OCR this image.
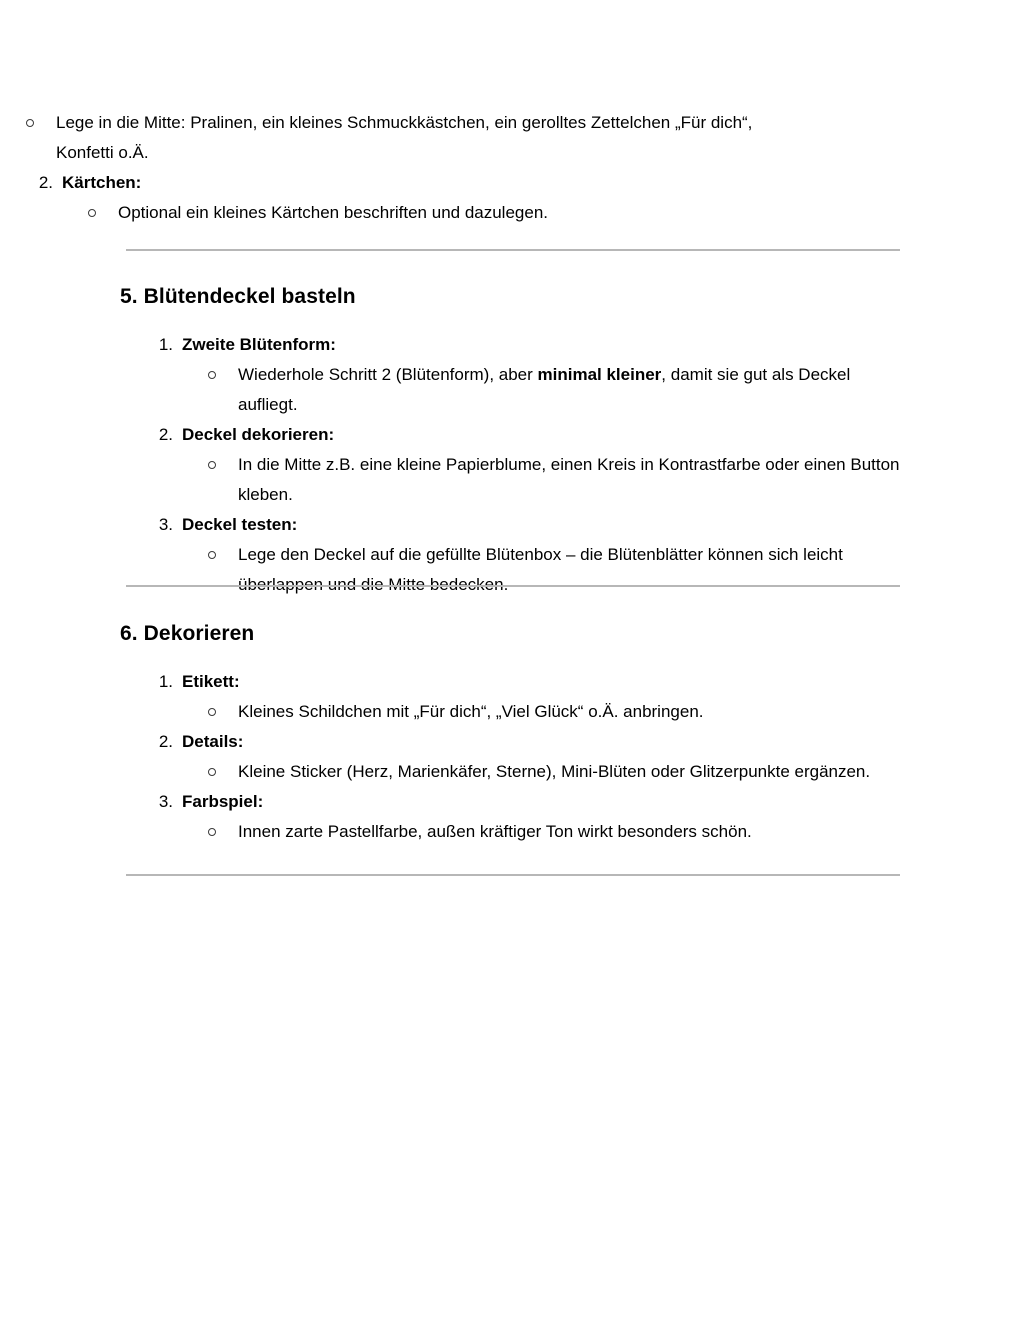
Lege in die Mitte: Pralinen, ein kleines Schmuckkästchen, ein gerolltes Zettelchen „Für dich“, Konfetti o.Ä.
2. Kärtchen:
Optional ein kleines Kärtchen beschriften und dazulegen.
5. Blütendeckel basteln
1. Zweite Blütenform:
Wiederhole Schritt 2 (Blütenform), aber minimal kleiner, damit sie gut als Deckel aufliegt.
2. Deckel dekorieren:
In die Mitte z.B. eine kleine Papierblume, einen Kreis in Kontrastfarbe oder einen Button kleben.
3. Deckel testen:
Lege den Deckel auf die gefüllte Blütenbox – die Blütenblätter können sich leicht überlappen und die Mitte bedecken.
6. Dekorieren
1. Etikett:
Kleines Schildchen mit „Für dich“, „Viel Glück“ o.Ä. anbringen.
2. Details:
Kleine Sticker (Herz, Marienkäfer, Sterne), Mini-Blüten oder Glitzerpunkte ergänzen.
3. Farbspiel:
Innen zarte Pastellfarbe, außen kräftiger Ton wirkt besonders schön.
